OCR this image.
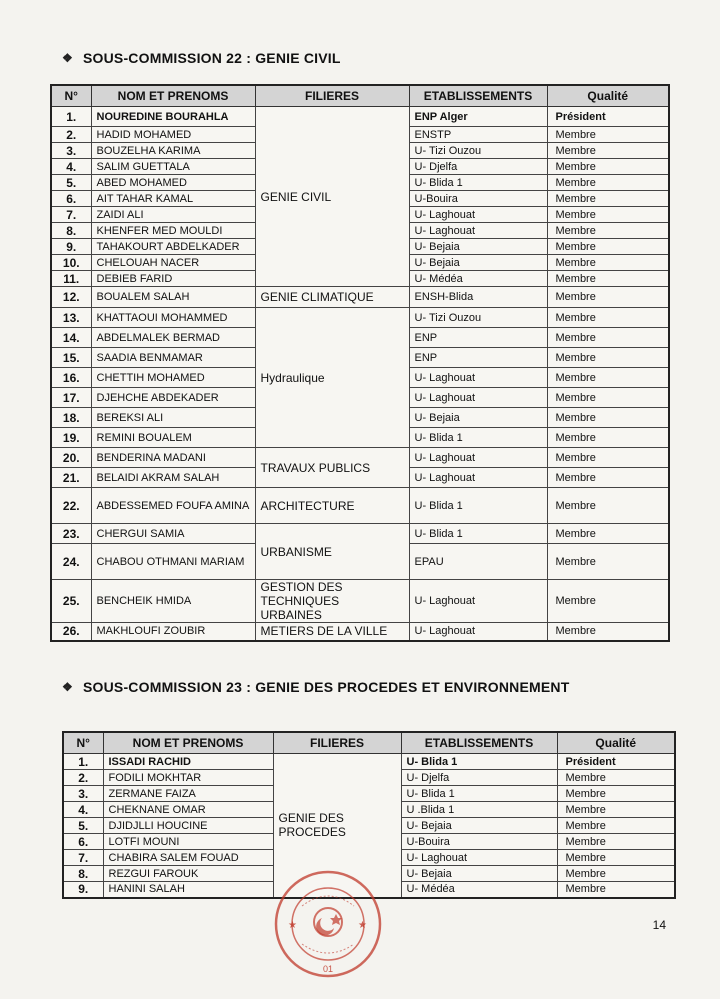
❖ SOUS-COMMISSION 22 : GENIE CIVIL
N°	NOM ET PRENOMS	FILIERES	ETABLISSEMENTS	Qualité
1.	NOUREDINE BOURAHLA	GENIE CIVIL	ENP Alger	Président
2.	HADID MOHAMED		ENSTP	Membre
3.	BOUZELHA KARIMA		U- Tizi Ouzou	Membre
4.	SALIM GUETTALA		U- Djelfa	Membre
5.	ABED MOHAMED		U- Blida 1	Membre
6.	AIT TAHAR KAMAL		U-Bouira	Membre
7.	ZAIDI ALI		U- Laghouat	Membre
8.	KHENFER MED MOULDI		U- Laghouat	Membre
9.	TAHAKOURT ABDELKADER		U- Bejaia	Membre
10.	CHELOUAH NACER		U- Bejaia	Membre
11.	DEBIEB FARID		U- Médéa	Membre
12.	BOUALEM SALAH	GENIE CLIMATIQUE	ENSH-Blida	Membre
13.	KHATTAOUI MOHAMMED	Hydraulique	U- Tizi Ouzou	Membre
14.	ABDELMALEK BERMAD		ENP	Membre
15.	SAADIA BENMAMAR		ENP	Membre
16.	CHETTIH MOHAMED		U- Laghouat	Membre
17.	DJEHCHE ABDEKADER		U- Laghouat	Membre
18.	BEREKSI ALI		U- Bejaia	Membre
19.	REMINI BOUALEM		U- Blida 1	Membre
20.	BENDERINA MADANI	TRAVAUX PUBLICS	U- Laghouat	Membre
21.	BELAIDI AKRAM SALAH		U- Laghouat	Membre
22.	ABDESSEMED FOUFA AMINA	ARCHITECTURE	U- Blida 1	Membre
23.	CHERGUI SAMIA	URBANISME	U- Blida 1	Membre
24.	CHABOU OTHMANI MARIAM		EPAU	Membre
25.	BENCHEIK HMIDA	GESTION DES TECHNIQUES URBAINES	U- Laghouat	Membre
26.	MAKHLOUFI ZOUBIR	METIERS DE LA VILLE	U- Laghouat	Membre
❖ SOUS-COMMISSION 23 : GENIE DES PROCEDES ET ENVIRONNEMENT
N°	NOM ET PRENOMS	FILIERES	ETABLISSEMENTS	Qualité
1.	ISSADI RACHID	GENIE DES PROCEDES	U- Blida 1	Président
2.	FODILI MOKHTAR		U- Djelfa	Membre
3.	ZERMANE FAIZA		U- Blida 1	Membre
4.	CHEKNANE OMAR		U .Blida 1	Membre
5.	DJIDJLLI HOUCINE		U- Bejaia	Membre
6.	LOTFI MOUNI		U-Bouira	Membre
7.	CHABIRA SALEM FOUAD		U- Laghouat	Membre
8.	REZGUI FAROUK		U- Bejaia	Membre
9.	HANINI SALAH		U- Médéa	Membre
★	★
01
14
